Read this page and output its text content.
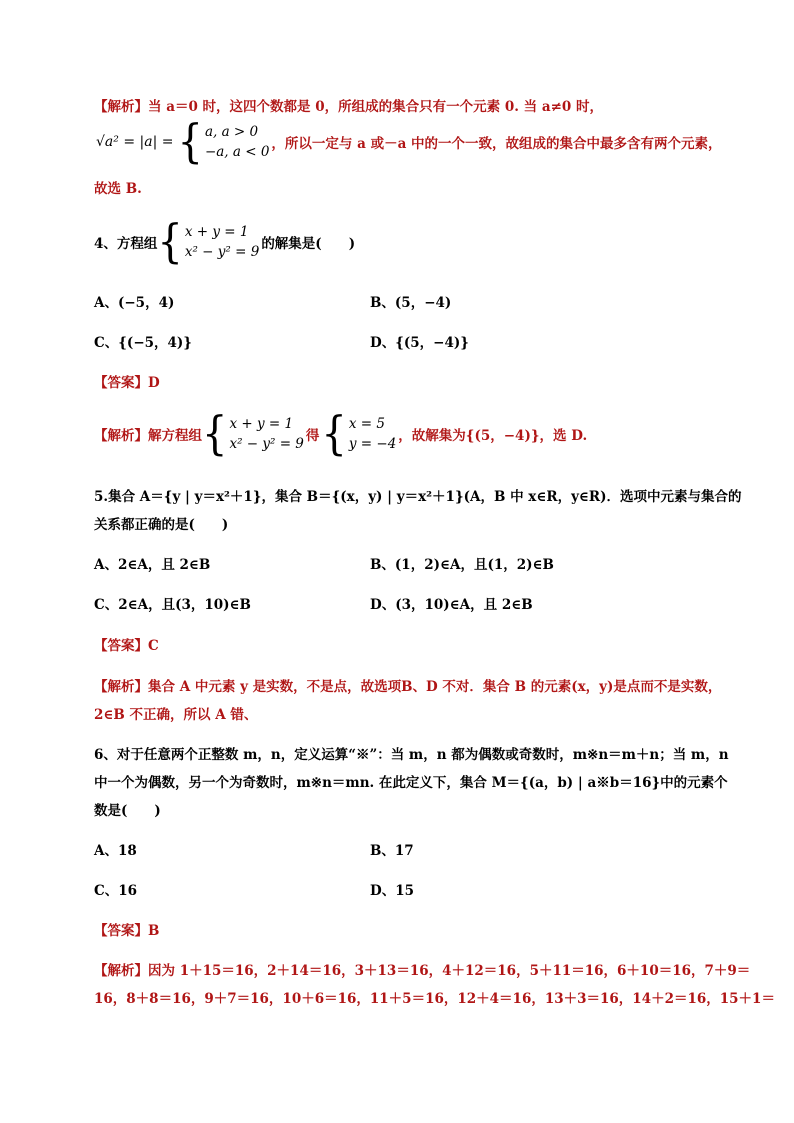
【解析】当 a＝0 时，这四个数都是 0，所组成的集合只有一个元素 0. 当 a≠0 时，
√a² = |a| = { a, a > 0
−a, a < 0 ，所以一定与 a 或－a 中的一个一致，故组成的集合中最多含有两个元素，
故选 B.
4、方程组 { x + y = 1
x² − y² = 9 的解集是(　　)
A、(−5，4)	B、(5，−4)
C、{(−5，4)}	D、{(5，−4)}
【答案】D
【解析】解方程组 { x + y = 1
x² − y² = 9 得 { x = 5
y = −4 ，故解集为{(5，−4)}，选 D.
5.集合 A＝{y | y＝x²＋1}，集合 B＝{(x，y) | y＝x²＋1}(A，B 中 x∈R，y∈R)．选项中元素与集合的
关系都正确的是(　　)
A、2∈A，且 2∈B	B、(1，2)∈A，且(1，2)∈B
C、2∈A，且(3，10)∈B	D、(3，10)∈A，且 2∈B
【答案】C
【解析】集合 A 中元素 y 是实数，不是点，故选项B、D 不对．集合 B 的元素(x，y)是点而不是实数，
2∈B 不正确，所以 A 错、
6、对于任意两个正整数 m，n，定义运算“※”：当 m，n 都为偶数或奇数时，m※n＝m＋n；当 m，n
中一个为偶数，另一个为奇数时，m※n＝mn. 在此定义下，集合 M＝{(a，b) | a※b＝16}中的元素个
数是(　　)
A、18	B、17
C、16	D、15
【答案】B
【解析】因为 1＋15＝16，2＋14＝16，3＋13＝16，4＋12＝16，5＋11＝16，6＋10＝16，7＋9＝
16，8＋8＝16，9＋7＝16，10＋6＝16，11＋5＝16，12＋4＝16，13＋3＝16，14＋2＝16，15＋1＝
